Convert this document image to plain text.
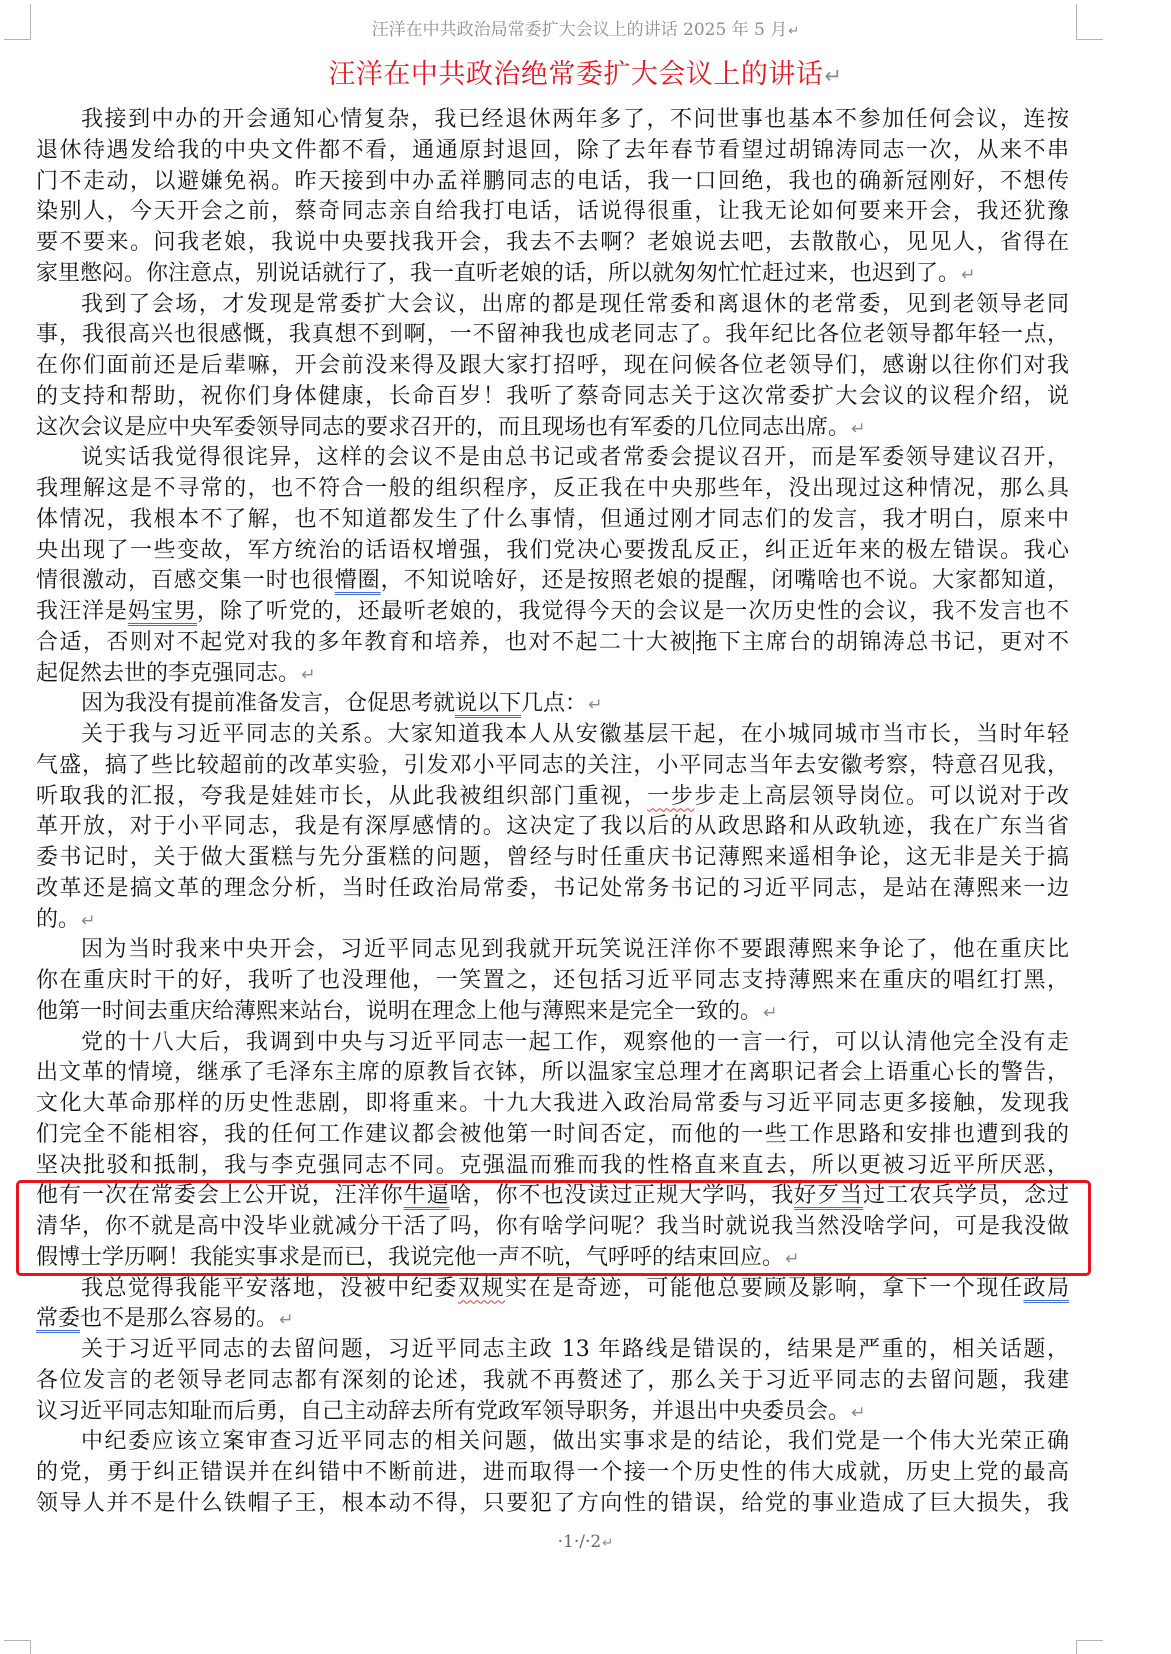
汪洋在中共政治局常委扩大会议上的讲话 2025 年 5 月↵
汪洋在中共政治绝常委扩大会议上的讲话↵
我接到中办的开会通知心情复杂，我已经退休两年多了，不问世事也基本不参加任何会议，连按
退休待遇发给我的中央文件都不看，通通原封退回，除了去年春节看望过胡锦涛同志一次，从来不串
门不走动，以避嫌免祸。昨天接到中办孟祥鹏同志的电话，我一口回绝，我也的确新冠刚好，不想传
染别人，今天开会之前，蔡奇同志亲自给我打电话，话说得很重，让我无论如何要来开会，我还犹豫
要不要来。问我老娘，我说中央要找我开会，我去不去啊？老娘说去吧，去散散心，见见人，省得在
家里憋闷。你注意点，别说话就行了，我一直听老娘的话，所以就匆匆忙忙赶过来，也迟到了。↵
我到了会场，才发现是常委扩大会议，出席的都是现任常委和离退休的老常委，见到老领导老同
事，我很高兴也很感慨，我真想不到啊，一不留神我也成老同志了。我年纪比各位老领导都年轻一点，
在你们面前还是后辈嘛，开会前没来得及跟大家打招呼，现在问候各位老领导们，感谢以往你们对我
的支持和帮助，祝你们身体健康，长命百岁！我听了蔡奇同志关于这次常委扩大会议的议程介绍，说
这次会议是应中央军委领导同志的要求召开的，而且现场也有军委的几位同志出席。↵
说实话我觉得很诧异，这样的会议不是由总书记或者常委会提议召开，而是军委领导建议召开，
我理解这是不寻常的，也不符合一般的组织程序，反正我在中央那些年，没出现过这种情况，那么具
体情况，我根本不了解，也不知道都发生了什么事情，但通过刚才同志们的发言，我才明白，原来中
央出现了一些变故，军方统治的话语权增强，我们党决心要拨乱反正，纠正近年来的极左错误。我心
情很激动，百感交集一时也很懵圈，不知说啥好，还是按照老娘的提醒，闭嘴啥也不说。大家都知道，
我汪洋是妈宝男，除了听党的，还最听老娘的，我觉得今天的会议是一次历史性的会议，我不发言也不
合适，否则对不起党对我的多年教育和培养，也对不起二十大被拖下主席台的胡锦涛总书记，更对不
起促然去世的李克强同志。↵
因为我没有提前准备发言，仓促思考就说以下几点：↵
关于我与习近平同志的关系。大家知道我本人从安徽基层干起，在小城同城市当市长，当时年轻
气盛，搞了些比较超前的改革实验，引发邓小平同志的关注，小平同志当年去安徽考察，特意召见我，
听取我的汇报，夸我是娃娃市长，从此我被组织部门重视，一步步走上高层领导岗位。可以说对于改
革开放，对于小平同志，我是有深厚感情的。这决定了我以后的从政思路和从政轨迹，我在广东当省
委书记时，关于做大蛋糕与先分蛋糕的问题，曾经与时任重庆书记薄熙来遥相争论，这无非是关于搞
改革还是搞文革的理念分析，当时任政治局常委，书记处常务书记的习近平同志，是站在薄熙来一边
的。↵
因为当时我来中央开会，习近平同志见到我就开玩笑说汪洋你不要跟薄熙来争论了，他在重庆比
你在重庆时干的好，我听了也没理他，一笑置之，还包括习近平同志支持薄熙来在重庆的唱红打黑，
他第一时间去重庆给薄熙来站台，说明在理念上他与薄熙来是完全一致的。↵
党的十八大后，我调到中央与习近平同志一起工作，观察他的一言一行，可以认清他完全没有走
出文革的情境，继承了毛泽东主席的原教旨衣钵，所以温家宝总理才在离职记者会上语重心长的警告，
文化大革命那样的历史性悲剧，即将重来。十九大我进入政治局常委与习近平同志更多接触，发现我
们完全不能相容，我的任何工作建议都会被他第一时间否定，而他的一些工作思路和安排也遭到我的
坚决批驳和抵制，我与李克强同志不同。克强温而雅而我的性格直来直去，所以更被习近平所厌恶，
他有一次在常委会上公开说，汪洋你牛逼啥，你不也没读过正规大学吗，我好歹当过工农兵学员，念过
清华，你不就是高中没毕业就减分干活了吗，你有啥学问呢？我当时就说我当然没啥学问，可是我没做
假博士学历啊！我能实事求是而已，我说完他一声不吭，气呼呼的结束回应。↵
我总觉得我能平安落地，没被中纪委双规实在是奇迹，可能他总要顾及影响，拿下一个现任政局
常委也不是那么容易的。↵
关于习近平同志的去留问题，习近平同志主政 13 年路线是错误的，结果是严重的，相关话题，
各位发言的老领导老同志都有深刻的论述，我就不再赘述了，那么关于习近平同志的去留问题，我建
议习近平同志知耻而后勇，自己主动辞去所有党政军领导职务，并退出中央委员会。↵
中纪委应该立案审查习近平同志的相关问题，做出实事求是的结论，我们党是一个伟大光荣正确
的党，勇于纠正错误并在纠错中不断前进，进而取得一个接一个历史性的伟大成就，历史上党的最高
领导人并不是什么铁帽子王，根本动不得，只要犯了方向性的错误，给党的事业造成了巨大损失，我
·1·/·2↵
